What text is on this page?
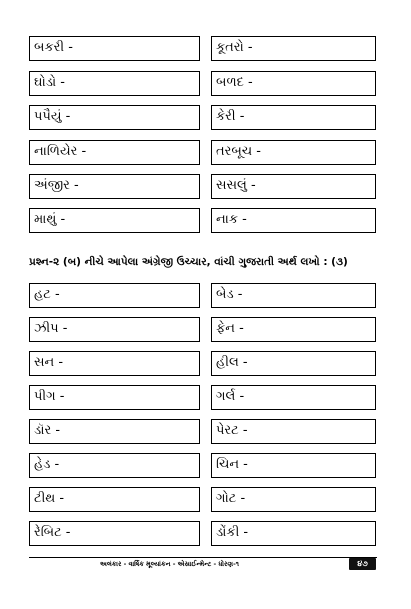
બકરી -	કૂતરો -
ઘોડો -	બળદ -
પપૈયું -	કેરી -
નાળિયેર -	તરબૂચ -
અંજીર -	સસલું -
માથું -	નાક -
પ્રશ્ન-૨ (બ) નીચે આપેલા અંગ્રેજી ઉચ્ચાર, વાંચી ગુજરાતી અર્થ લખો : (૩)
હટ -	બેડ -
ઝીપ -	ફેન -
સન -	હીલ -
પીગ -	ગર્લ -
ડૉર -	પેરટ -
હેડ -	ચિન -
ટીથ -	ગોટ -
રેબિટ -	ડોંકી -
અલંકાર - વાર્ષિક મૂલ્યાંકન - એસાઈન્મેન્ટ - ધોરણ-૧	૪૭
